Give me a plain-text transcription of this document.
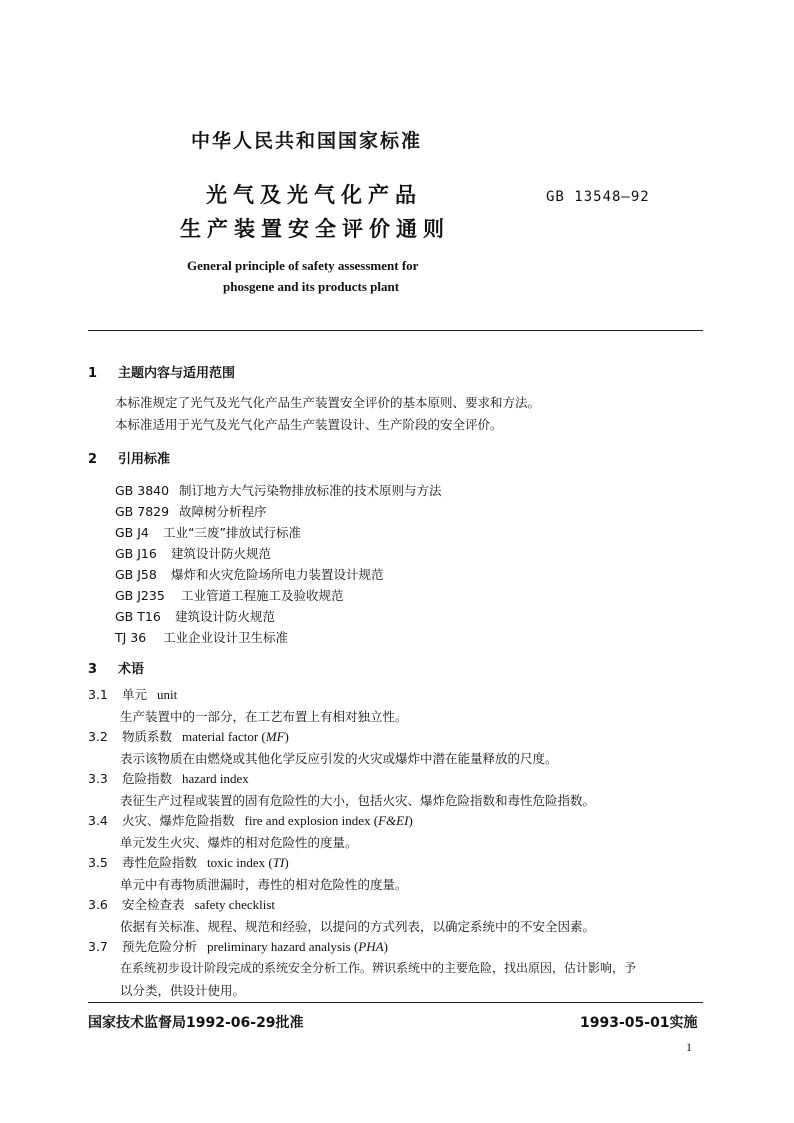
中华人民共和国国家标准
光气及光气化产品
生产装置安全评价通则
GB 13548—92
General principle of safety assessment for
phosgene and its products plant
1 主题内容与适用范围
本标准规定了光气及光气化产品生产装置安全评价的基本原则、要求和方法。
本标准适用于光气及光气化产品生产装置设计、生产阶段的安全评价。
2 引用标准
GB 3840 制订地方大气污染物排放标准的技术原则与方法
GB 7829 故障树分析程序
GB J4 工业“三废”排放试行标准
GB J16 建筑设计防火规范
GB J58 爆炸和火灾危险场所电力装置设计规范
GB J235 工业管道工程施工及验收规范
GB T16 建筑设计防火规范
TJ 36 工业企业设计卫生标准
3 术语
3.1 单元 unit
生产装置中的一部分，在工艺布置上有相对独立性。
3.2 物质系数 material factor (MF)
表示该物质在由燃烧或其他化学反应引发的火灾或爆炸中潜在能量释放的尺度。
3.3 危险指数 hazard index
表征生产过程或装置的固有危险性的大小，包括火灾、爆炸危险指数和毒性危险指数。
3.4 火灾、爆炸危险指数 fire and explosion index (F&EI)
单元发生火灾、爆炸的相对危险性的度量。
3.5 毒性危险指数 toxic index (TI)
单元中有毒物质泄漏时，毒性的相对危险性的度量。
3.6 安全检查表 safety checklist
依据有关标准、规程、规范和经验，以提问的方式列表，以确定系统中的不安全因素。
3.7 预先危险分析 preliminary hazard analysis (PHA)
在系统初步设计阶段完成的系统安全分析工作。辨识系统中的主要危险，找出原因，估计影响，予
以分类，供设计使用。
国家技术监督局1992-06-29批准	1993-05-01实施
1
